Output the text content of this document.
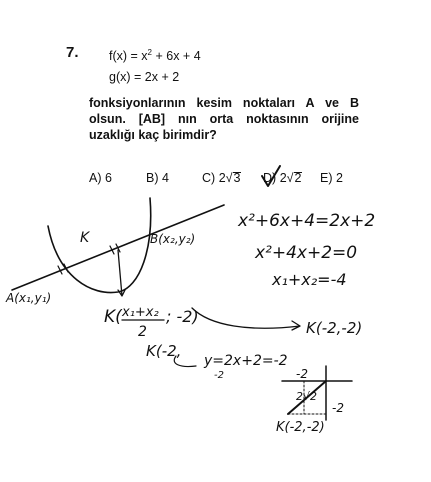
7. $f(x) = x^2 + 6x + 4$
g(x) = 2x + 2
fonksiyonlarının kesim noktaları A ve B olsun. [AB] nın orta noktasının orijine uzaklığı kaç birimdir?
A) 6	B) 4	C) 2√3 D) 2√2 E) 2
K	B(x₂,y₂)
A(x₁,y₁)
x²+6x+4=2x+2
x²+4x+2=0
x₁+x₂=-4
K( x₁+x₂
2
; -2)
K(-2,-2)
K(-2,
y=2x+2=-2
-2	-2
-2
2√2
K(-2,-2)
